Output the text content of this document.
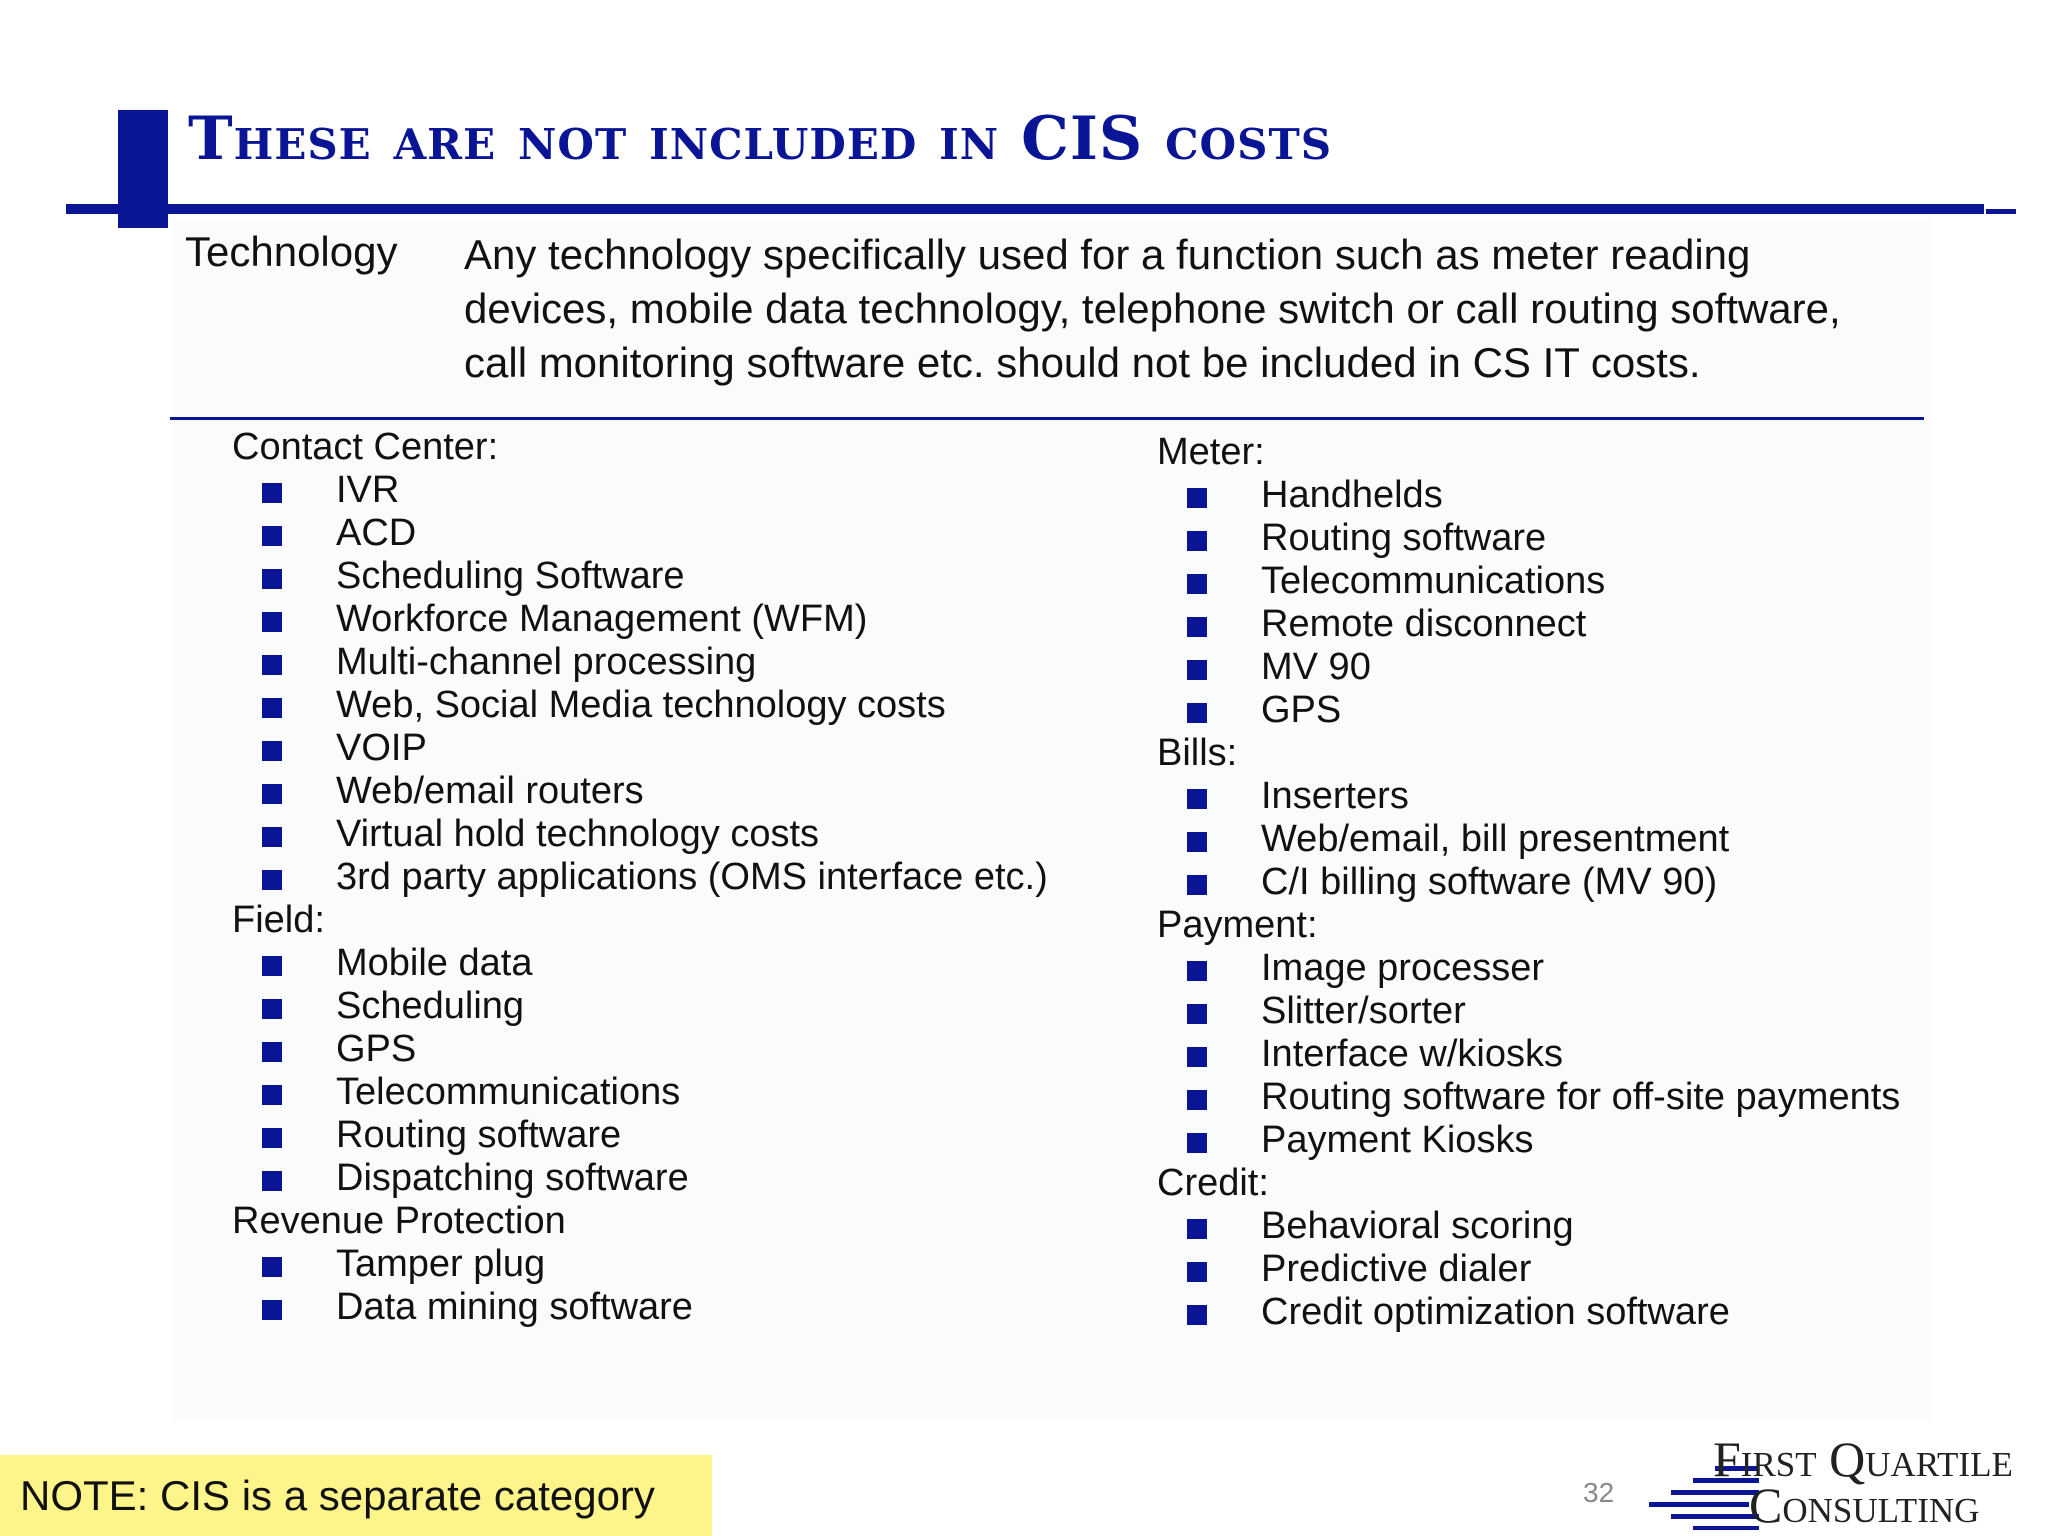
These are not included in CIS costs
Technology Any technology specifically used for a function such as meter reading
devices, mobile data technology, telephone switch or call routing software,
call monitoring software etc. should not be included in CS IT costs.
Contact Center:
IVR
ACD
Scheduling Software
Workforce Management (WFM)
Multi-channel processing
Web, Social Media technology costs
VOIP
Web/email routers
Virtual hold technology costs
3rd party applications (OMS interface etc.)
Field:
Mobile data
Scheduling
GPS
Telecommunications
Routing software
Dispatching software
Revenue Protection
Tamper plug
Data mining software
Meter:
Handhelds
Routing software
Telecommunications
Remote disconnect
MV 90
GPS
Bills:
Inserters
Web/email, bill presentment
C/I billing software (MV 90)
Payment:
Image processer
Slitter/sorter
Interface w/kiosks
Routing software for off-site payments
Payment Kiosks
Credit:
Behavioral scoring
Predictive dialer
Credit optimization software
NOTE: CIS is a separate category	32
First Quartile
Consulting
